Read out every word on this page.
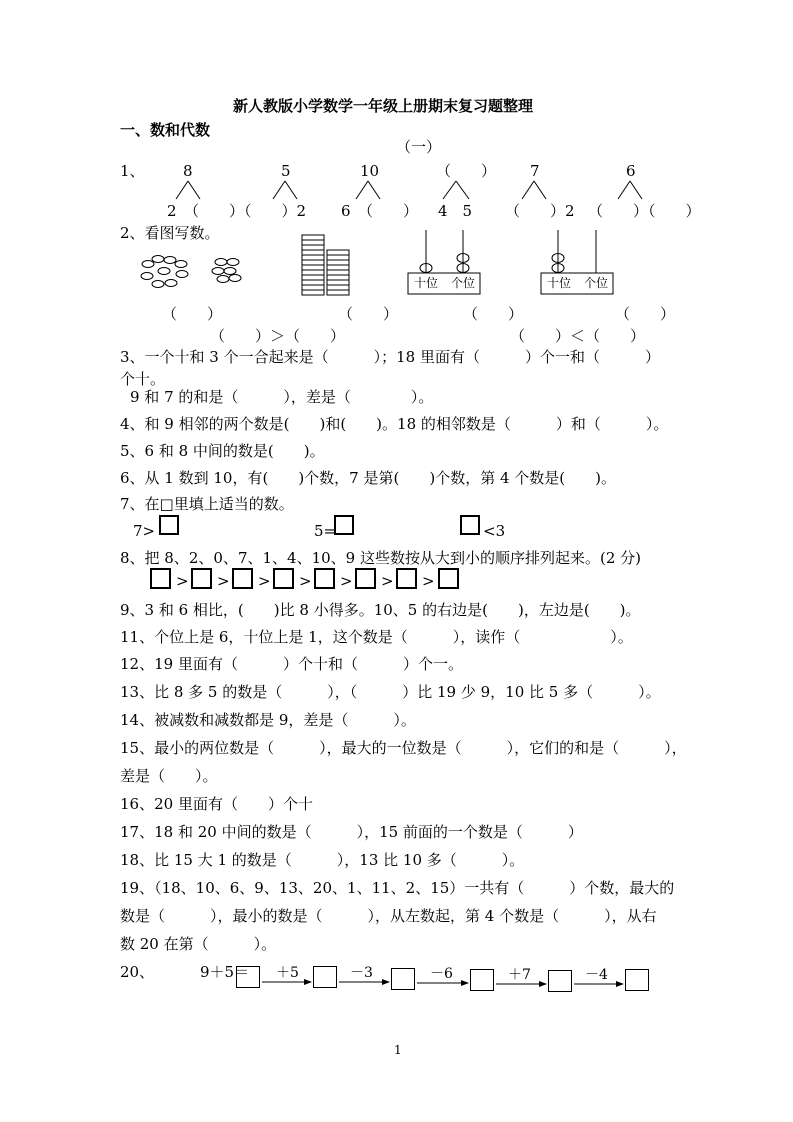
新人教版小学数学一年级上册期末复习题整理
一、数和代数
（一）
1、	8	5	10	（　　） 7	6
2　（　　）（　　）2 6　（　　） 4　5 （　　）2 （　　）（　　）
2、看图写数。
十位 个位	十位 个位
（　　）	（　　）	（　　）	（　　）
（　　）＞（　　）	（　　）＜（　　）
3、一个十和 3 个一合起来是（　　　）；18 里面有（　　　）个一和（　　　）
个十。
9 和 7 的和是（　　　），差是（　　　　）。
4、和 9 相邻的两个数是(　　)和(　　)。18 的相邻数是（　　　）和（　　　）。
5、6 和 8 中间的数是(　　)。
6、从 1 数到 10，有(　　)个数，7 是第(　　)个数，第 4 个数是(　　)。
7、在□里填上适当的数。
7>	5=	<3
8、把 8、2、0、7、1、4、10、9 这些数按从大到小的顺序排列起来。(2 分)
> > > > > > >
9、3 和 6 相比，(　　)比 8 小得多。10、5 的右边是(　　)，左边是(　　)。
11、个位上是 6，十位上是 1，这个数是（　　　），读作（　　　　　　）。
12、19 里面有（　　　）个十和（　　　）个一。
13、比 8 多 5 的数是（　　　），（　　　）比 19 少 9，10 比 5 多（　　　）。
14、被减数和减数都是 9，差是（　　　）。
15、最小的两位数是（　　　），最大的一位数是（　　　），它们的和是（　　　），
差是（　　）。
16、20 里面有（　　）个十
17、18 和 20 中间的数是（　　　），15 前面的一个数是（　　　）
18、比 15 大 1 的数是（　　　），13 比 10 多（　　　）。
19、（18、10、6、9、13、20、1、11、2、15）一共有（　　　）个数，最大的
数是（　　　），最小的数是（　　　），从左数起，第 4 个数是（　　　），从右
数 20 在第（　　　）。
20、	9＋5＝ ＋5	－3	－6	＋7	－4
1
